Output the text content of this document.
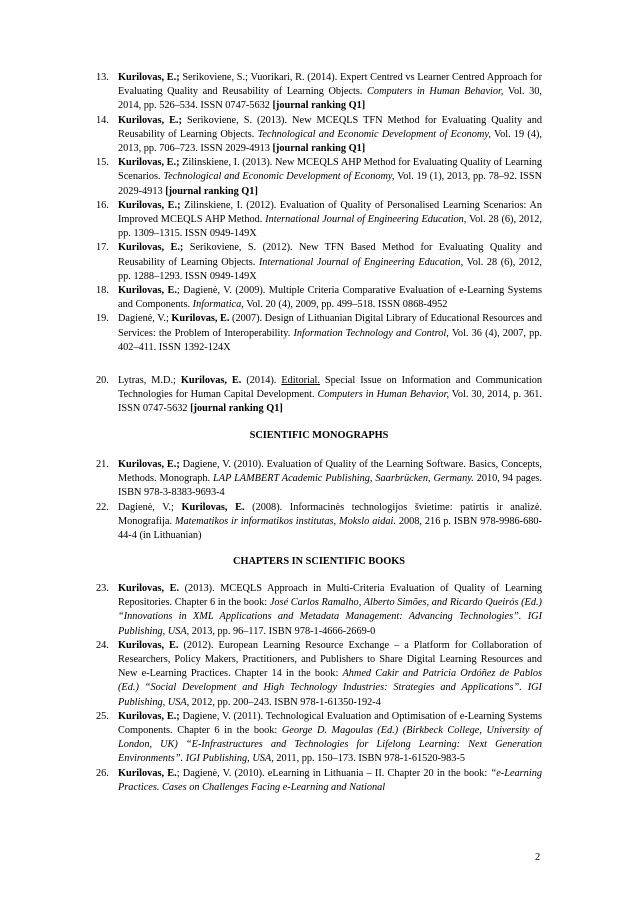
13. Kurilovas, E.; Serikoviene, S.; Vuorikari, R. (2014). Expert Centred vs Learner Centred Approach for Evaluating Quality and Reusability of Learning Objects. Computers in Human Behavior, Vol. 30, 2014, pp. 526–534. ISSN 0747-5632 [journal ranking Q1]
14. Kurilovas, E.; Serikoviene, S. (2013). New MCEQLS TFN Method for Evaluating Quality and Reusability of Learning Objects. Technological and Economic Development of Economy, Vol. 19 (4), 2013, pp. 706–723. ISSN 2029-4913 [journal ranking Q1]
15. Kurilovas, E.; Zilinskiene, I. (2013). New MCEQLS AHP Method for Evaluating Quality of Learning Scenarios. Technological and Economic Development of Economy, Vol. 19 (1), 2013, pp. 78–92. ISSN 2029-4913 [journal ranking Q1]
16. Kurilovas, E.; Zilinskiene, I. (2012). Evaluation of Quality of Personalised Learning Scenarios: An Improved MCEQLS AHP Method. International Journal of Engineering Education, Vol. 28 (6), 2012, pp. 1309–1315. ISSN 0949-149X
17. Kurilovas, E.; Serikoviene, S. (2012). New TFN Based Method for Evaluating Quality and Reusability of Learning Objects. International Journal of Engineering Education, Vol. 28 (6), 2012, pp. 1288–1293. ISSN 0949-149X
18. Kurilovas, E.; Dagienė, V. (2009). Multiple Criteria Comparative Evaluation of e-Learning Systems and Components. Informatica, Vol. 20 (4), 2009, pp. 499–518. ISSN 0868-4952
19. Dagienė, V.; Kurilovas, E. (2007). Design of Lithuanian Digital Library of Educational Resources and Services: the Problem of Interoperability. Information Technology and Control, Vol. 36 (4), 2007, pp. 402–411. ISSN 1392-124X
20. Lytras, M.D.; Kurilovas, E. (2014). Editorial. Special Issue on Information and Communication Technologies for Human Capital Development. Computers in Human Behavior, Vol. 30, 2014, p. 361. ISSN 0747-5632 [journal ranking Q1]
SCIENTIFIC MONOGRAPHS
21. Kurilovas, E.; Dagiene, V. (2010). Evaluation of Quality of the Learning Software. Basics, Concepts, Methods. Monograph. LAP LAMBERT Academic Publishing, Saarbrücken, Germany. 2010, 94 pages. ISBN 978-3-8383-9693-4
22. Dagienė, V.; Kurilovas, E. (2008). Informacinės technologijos švietime: patirtis ir analizė. Monografija. Matematikos ir informatikos institutas, Mokslo aidai. 2008, 216 p. ISBN 978-9986-680-44-4 (in Lithuanian)
CHAPTERS IN SCIENTIFIC BOOKS
23. Kurilovas, E. (2013). MCEQLS Approach in Multi-Criteria Evaluation of Quality of Learning Repositories. Chapter 6 in the book: José Carlos Ramalho, Alberto Simões, and Ricardo Queirós (Ed.) “Innovations in XML Applications and Metadata Management: Advancing Technologies”. IGI Publishing, USA, 2013, pp. 96–117. ISBN 978-1-4666-2669-0
24. Kurilovas, E. (2012). European Learning Resource Exchange – a Platform for Collaboration of Researchers, Policy Makers, Practitioners, and Publishers to Share Digital Learning Resources and New e-Learning Practices. Chapter 14 in the book: Ahmed Cakir and Patricia Ordóñez de Pablos (Ed.) “Social Development and High Technology Industries: Strategies and Applications”. IGI Publishing, USA, 2012, pp. 200–243. ISBN 978-1-61350-192-4
25. Kurilovas, E.; Dagiene, V. (2011). Technological Evaluation and Optimisation of e-Learning Systems Components. Chapter 6 in the book: George D. Magoulas (Ed.) (Birkbeck College, University of London, UK) “E-Infrastructures and Technologies for Lifelong Learning: Next Generation Environments”. IGI Publishing, USA, 2011, pp. 150–173. ISBN 978-1-61520-983-5
26. Kurilovas, E.; Dagienė, V. (2010). eLearning in Lithuania – II. Chapter 20 in the book: “e-Learning Practices. Cases on Challenges Facing e-Learning and National
2
